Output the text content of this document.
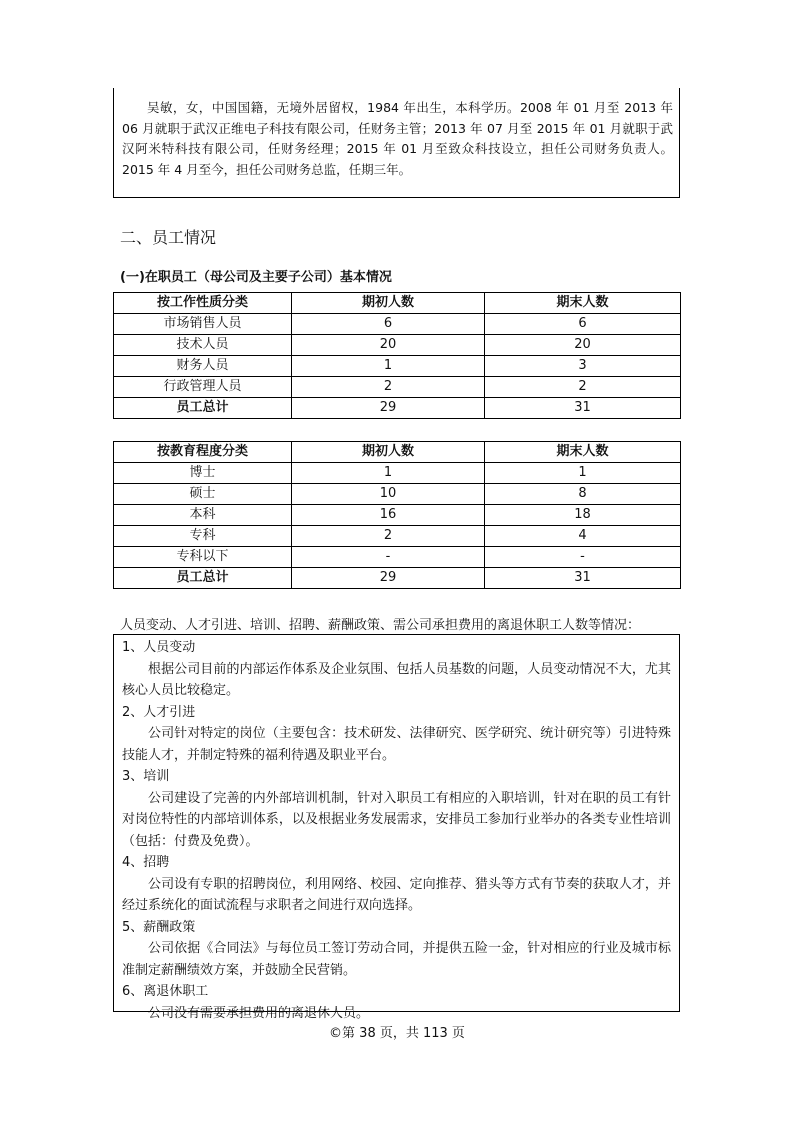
吴敏，女，中国国籍，无境外居留权，1984 年出生，本科学历。2008 年 01 月至 2013 年 06 月就职于武汉正维电子科技有限公司，任财务主管；2013 年 07 月至 2015 年 01 月就职于武汉阿米特科技有限公司，任财务经理；2015 年 01 月至致众科技设立，担任公司财务负责人。2015 年 4 月至今，担任公司财务总监，任期三年。

二、员工情况
(一)在职员工（母公司及主要子公司）基本情况
按工作性质分类	期初人数	期末人数
市场销售人员	6	6
技术人员	20	20
财务人员	1	3
行政管理人员	2	2
员工总计	29	31
按教育程度分类	期初人数	期末人数
博士	1	1
硕士	10	8
本科	16	18
专科	2	4
专科以下	-	-
员工总计	29	31
人员变动、人才引进、培训、招聘、薪酬政策、需公司承担费用的离退休职工人数等情况：

1、人员变动

根据公司目前的内部运作体系及企业氛围、包括人员基数的问题，人员变动情况不大，尤其核心人员比较稳定。

2、人才引进

公司针对特定的岗位（主要包含：技术研发、法律研究、医学研究、统计研究等）引进特殊技能人才，并制定特殊的福利待遇及职业平台。

3、培训

公司建设了完善的内外部培训机制，针对入职员工有相应的入职培训，针对在职的员工有针对岗位特性的内部培训体系，以及根据业务发展需求，安排员工参加行业举办的各类专业性培训（包括：付费及免费）。

4、招聘

公司设有专职的招聘岗位，利用网络、校园、定向推荐、猎头等方式有节奏的获取人才，并经过系统化的面试流程与求职者之间进行双向选择。

5、薪酬政策

公司依据《合同法》与每位员工签订劳动合同，并提供五险一金，针对相应的行业及城市标准制定薪酬绩效方案，并鼓励全民营销。

6、离退休职工

公司没有需要承担费用的离退休人员。

©第 38 页，共 113 页
